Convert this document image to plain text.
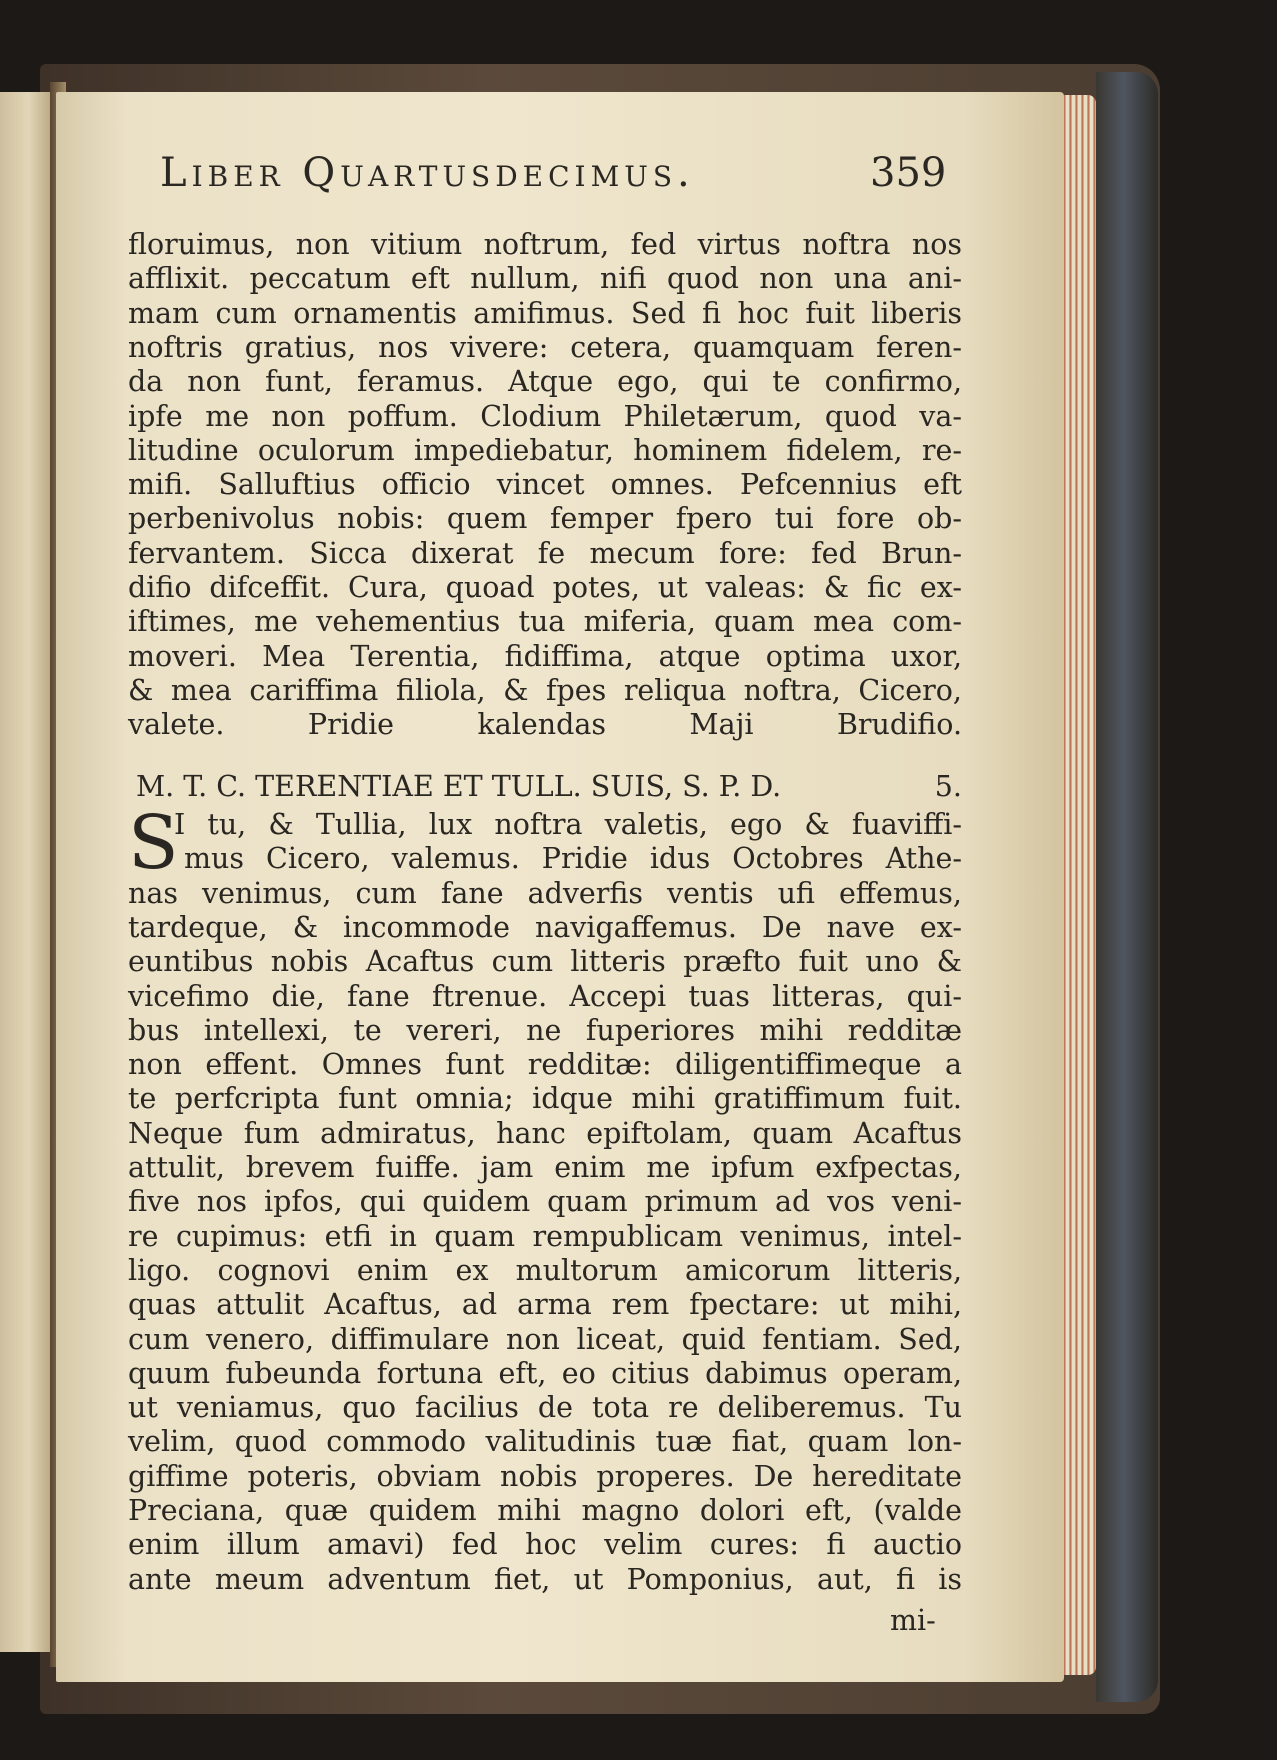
Liber Quartusdecimus.	359
floruimus, non vitium noftrum, fed virtus noftra nos
afflixit. peccatum eft nullum, nifi quod non una ani-
mam cum ornamentis amifimus. Sed fi hoc fuit liberis
noftris gratius, nos vivere: cetera, quamquam feren-
da non funt, feramus. Atque ego, qui te confirmo,
ipfe me non poffum. Clodium Philetærum, quod va-
litudine oculorum impediebatur, hominem fidelem, re-
mifi. Salluftius officio vincet omnes. Pefcennius eft
perbenivolus nobis: quem femper fpero tui fore ob-
fervantem. Sicca dixerat fe mecum fore: fed Brun-
difio difceffit. Cura, quoad potes, ut valeas: & fic ex-
iftimes, me vehementius tua miferia, quam mea com-
moveri. Mea Terentia, fidiffima, atque optima uxor,
& mea cariffima filiola, & fpes reliqua noftra, Cicero,
valete. Pridie kalendas Maji Brudifio.
M. T. C. TERENTIAE ET TULL. SUIS, S. P. D.	5.
S
I tu, & Tullia, lux noftra valetis, ego & fuaviffi-
mus Cicero, valemus. Pridie idus Octobres Athe-
nas venimus, cum fane adverfis ventis ufi effemus,
tardeque, & incommode navigaffemus. De nave ex-
euntibus nobis Acaftus cum litteris præfto fuit uno &
vicefimo die, fane ftrenue. Accepi tuas litteras, qui-
bus intellexi, te vereri, ne fuperiores mihi redditæ
non effent. Omnes funt redditæ: diligentiffimeque a
te perfcripta funt omnia; idque mihi gratiffimum fuit.
Neque fum admiratus, hanc epiftolam, quam Acaftus
attulit, brevem fuiffe. jam enim me ipfum exfpectas,
five nos ipfos, qui quidem quam primum ad vos veni-
re cupimus: etfi in quam rempublicam venimus, intel-
ligo. cognovi enim ex multorum amicorum litteris,
quas attulit Acaftus, ad arma rem fpectare: ut mihi,
cum venero, diffimulare non liceat, quid fentiam. Sed,
quum fubeunda fortuna eft, eo citius dabimus operam,
ut veniamus, quo facilius de tota re deliberemus. Tu
velim, quod commodo valitudinis tuæ fiat, quam lon-
giffime poteris, obviam nobis properes. De hereditate
Preciana, quæ quidem mihi magno dolori eft, (valde
enim illum amavi) fed hoc velim cures: fi auctio
ante meum adventum fiet, ut Pomponius, aut, fi is
mi-
